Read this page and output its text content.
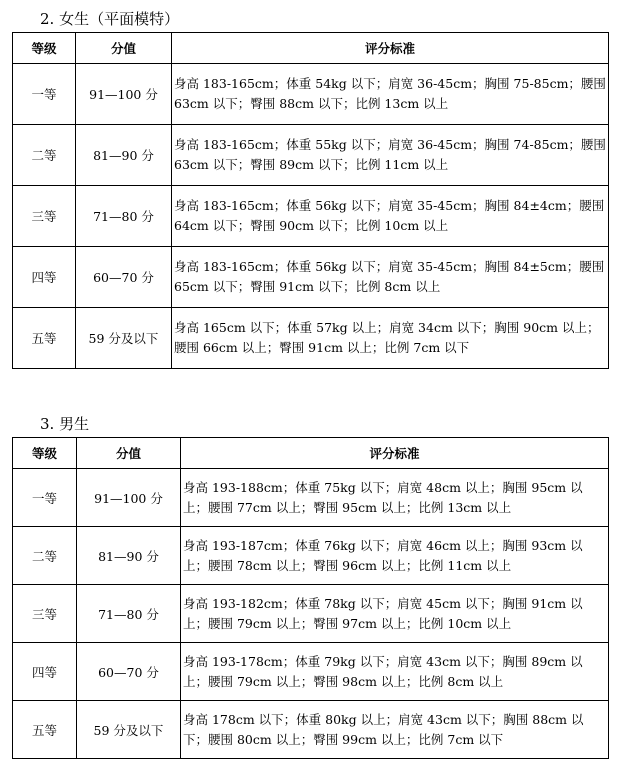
2. 女生（平面模特）
等级	分值	评分标准
一等	91—100 分	身高 183-165cm；体重 54kg 以下；肩宽 36-45cm；胸围 75-85cm；腰围 63cm 以下；臀围 88cm 以下；比例 13cm 以上
二等	81—90 分	身高 183-165cm；体重 55kg 以下；肩宽 36-45cm；胸围 74-85cm；腰围 63cm 以下；臀围 89cm 以下；比例 11cm 以上
三等	71—80 分	身高 183-165cm；体重 56kg 以下；肩宽 35-45cm；胸围 84±4cm；腰围 64cm 以下；臀围 90cm 以下；比例 10cm 以上
四等	60—70 分	身高 183-165cm；体重 56kg 以下；肩宽 35-45cm；胸围 84±5cm；腰围 65cm 以下；臀围 91cm 以下；比例 8cm 以上
五等	59 分及以下	身高 165cm 以下；体重 57kg 以上；肩宽 34cm 以下；胸围 90cm 以上；腰围 66cm 以上；臀围 91cm 以上；比例 7cm 以下
3. 男生
等级	分值	评分标准
一等	91—100 分	身高 193-188cm；体重 75kg 以下；肩宽 48cm 以上；胸围 95cm 以上；腰围 77cm 以上；臀围 95cm 以上；比例 13cm 以上
二等	81—90 分	身高 193-187cm；体重 76kg 以下；肩宽 46cm 以上；胸围 93cm 以上；腰围 78cm 以上；臀围 96cm 以上；比例 11cm 以上
三等	71—80 分	身高 193-182cm；体重 78kg 以下；肩宽 45cm 以下；胸围 91cm 以上；腰围 79cm 以上；臀围 97cm 以上；比例 10cm 以上
四等	60—70 分	身高 193-178cm；体重 79kg 以下；肩宽 43cm 以下；胸围 89cm 以上；腰围 79cm 以上；臀围 98cm 以上；比例 8cm 以上
五等	59 分及以下	身高 178cm 以下；体重 80kg 以上；肩宽 43cm 以下；胸围 88cm 以下；腰围 80cm 以上；臀围 99cm 以上；比例 7cm 以下
